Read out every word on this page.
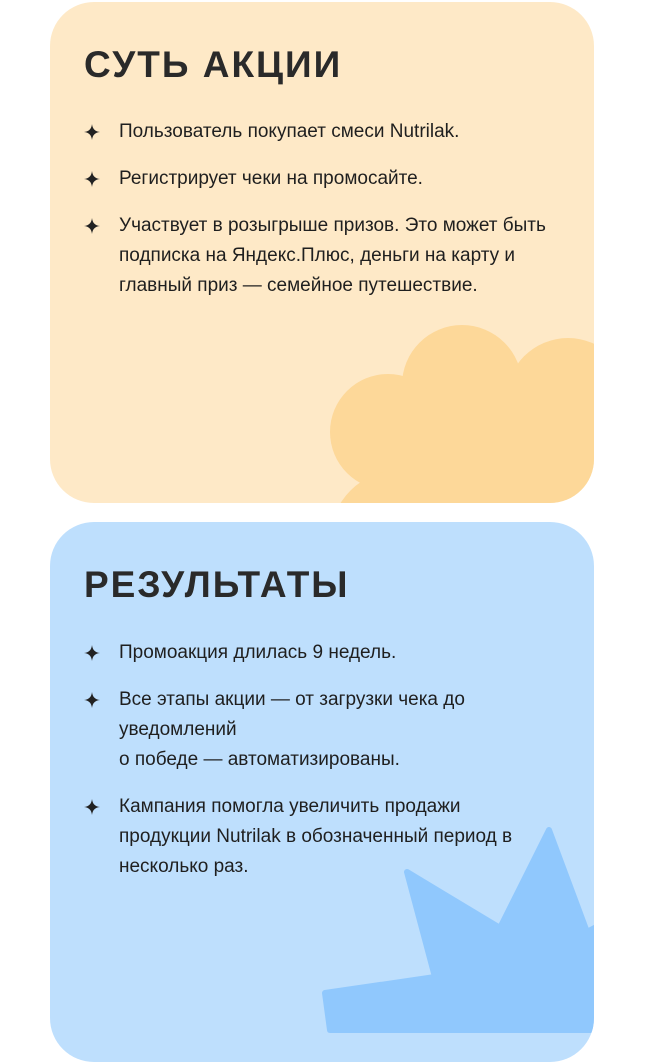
СУТЬ АКЦИИ
Пользователь покупает смеси Nutrilak.
Регистрирует чеки на промосайте.
Участвует в розыгрыше призов. Это может быть подписка на Яндекс.Плюс, деньги на карту и главный приз — семейное путешествие.
РЕЗУЛЬТАТЫ
Промоакция длилась 9 недель.
Все этапы акции — от загрузки чека до уведомлений
о победе — автоматизированы.
Кампания помогла увеличить продажи продукции Nutrilak в обозначенный период в несколько раз.
